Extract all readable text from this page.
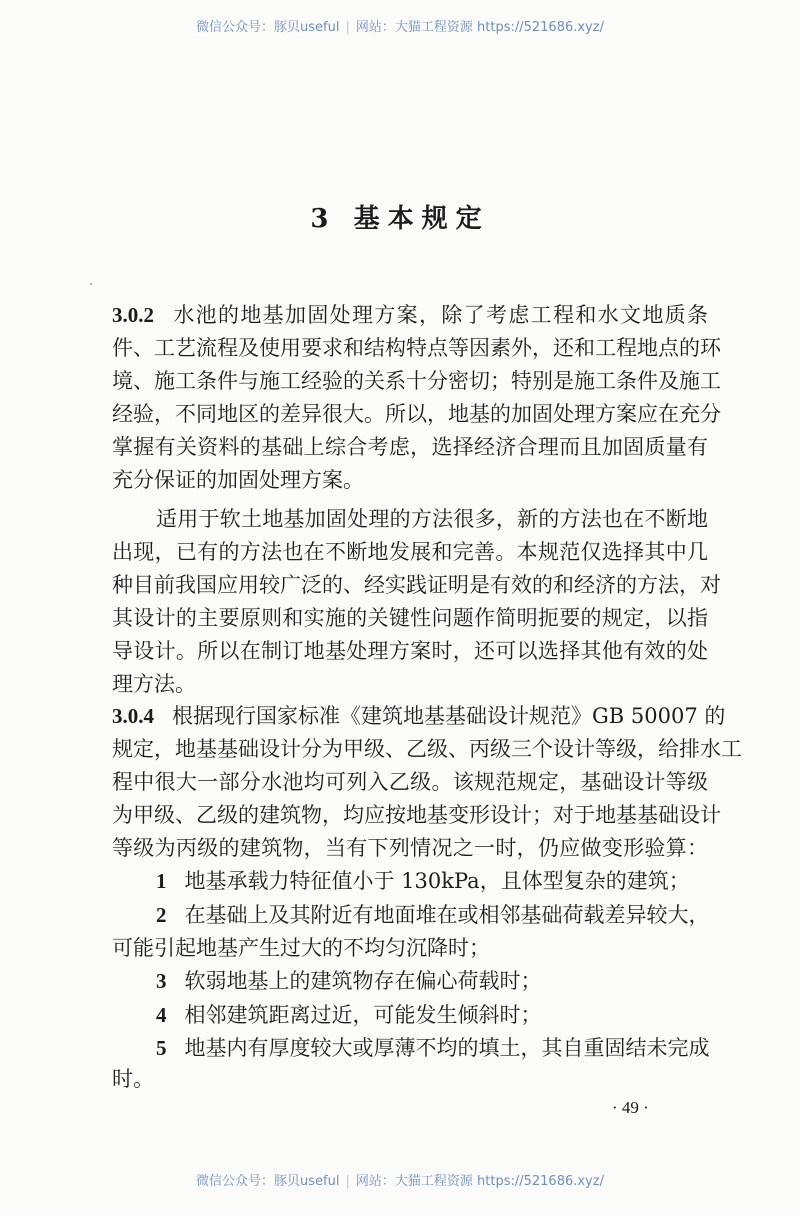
微信公众号：豚贝useful | 网站：大猫工程资源 https://521686.xyz/
3 基本规定
3.0.2 水池的地基加固处理方案，除了考虑工程和水文地质条
件、工艺流程及使用要求和结构特点等因素外，还和工程地点的环
境、施工条件与施工经验的关系十分密切；特别是施工条件及施工
经验，不同地区的差异很大。所以，地基的加固处理方案应在充分
掌握有关资料的基础上综合考虑，选择经济合理而且加固质量有
充分保证的加固处理方案。
适用于软土地基加固处理的方法很多，新的方法也在不断地
出现，已有的方法也在不断地发展和完善。本规范仅选择其中几
种目前我国应用较广泛的、经实践证明是有效的和经济的方法，对
其设计的主要原则和实施的关键性问题作简明扼要的规定，以指
导设计。所以在制订地基处理方案时，还可以选择其他有效的处
理方法。
3.0.4 根据现行国家标准《建筑地基基础设计规范》GB 50007 的
规定，地基基础设计分为甲级、乙级、丙级三个设计等级，给排水工
程中很大一部分水池均可列入乙级。该规范规定，基础设计等级
为甲级、乙级的建筑物，均应按地基变形设计；对于地基基础设计
等级为丙级的建筑物，当有下列情况之一时，仍应做变形验算：
1 地基承载力特征值小于 130kPa，且体型复杂的建筑；
2 在基础上及其附近有地面堆在或相邻基础荷载差异较大，
可能引起地基产生过大的不均匀沉降时；
3 软弱地基上的建筑物存在偏心荷载时；
4 相邻建筑距离过近，可能发生倾斜时；
5 地基内有厚度较大或厚薄不均的填土，其自重固结未完成
时。
· 49 ·
微信公众号：豚贝useful | 网站：大猫工程资源 https://521686.xyz/
